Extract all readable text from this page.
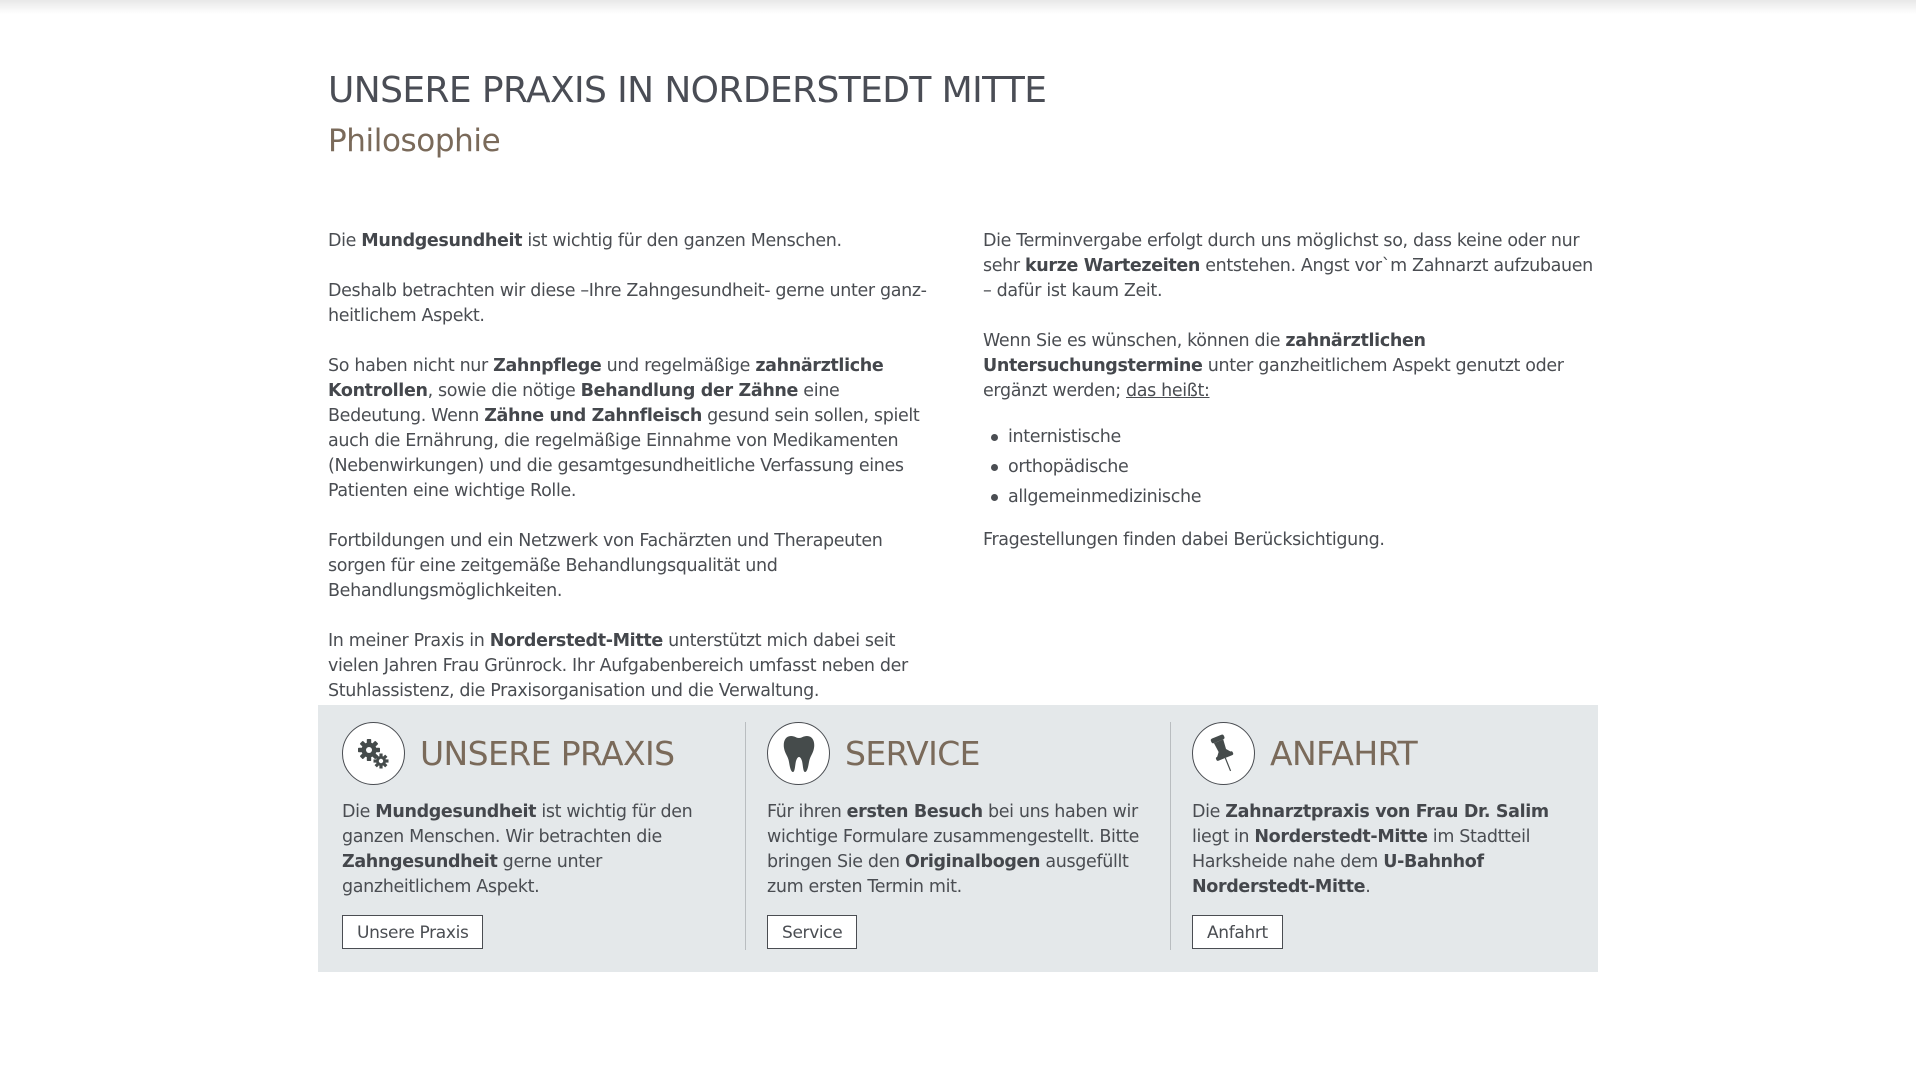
UNSERE PRAXIS IN NORDERSTEDT MITTE
Philosophie

Die Mundgesundheit ist wichtig für den ganzen Menschen.

Deshalb betrachten wir diese –Ihre Zahngesundheit- gerne unter ganzheitlichem Aspekt.

So haben nicht nur Zahnpflege und regelmäßige zahnärztliche Kontrollen, sowie die nötige Behandlung der Zähne eine Bedeutung. Wenn Zähne und Zahnfleisch gesund sein sollen, spielt auch die Ernährung, die regelmäßige Einnahme von Medikamenten (Nebenwirkungen) und die gesamtgesundheitliche Verfassung eines Patienten eine wichtige Rolle.

Fortbildungen und ein Netzwerk von Fachärzten und Therapeuten sorgen für eine zeitgemäße Behandlungsqualität und Behandlungsmöglichkeiten.

In meiner Praxis in Norderstedt-Mitte unterstützt mich dabei seit vielen Jahren Frau Grünrock. Ihr Aufgabenbereich umfasst neben der Stuhlassistenz, die Praxisorganisation und die Verwaltung.

Die Terminvergabe erfolgt durch uns möglichst so, dass keine oder nur sehr kurze Wartezeiten entstehen. Angst vor`m Zahnarzt aufzubauen – dafür ist kaum Zeit.

Wenn Sie es wünschen, können die zahnärztlichen Untersuchungstermine unter ganzheitlichem Aspekt genutzt oder ergänzt werden; das heißt:

internistische
orthopädische
allgemeinmedizinische

Fragestellungen finden dabei Berücksichtigung.

UNSERE PRAXIS

Die Mundgesundheit ist wichtig für den ganzen Menschen. Wir betrachten die Zahngesundheit gerne unter ganzheitlichem Aspekt.

Unsere Praxis
SERVICE

Für ihren ersten Besuch bei uns haben wir wichtige Formulare zusammengestellt. Bitte bringen Sie den Originalbogen ausgefüllt zum ersten Termin mit.

Service
ANFAHRT

Die Zahnarztpraxis von Frau Dr. Salim liegt in Norderstedt-Mitte im Stadtteil Harksheide nahe dem U-Bahnhof Norderstedt-Mitte.

Anfahrt
